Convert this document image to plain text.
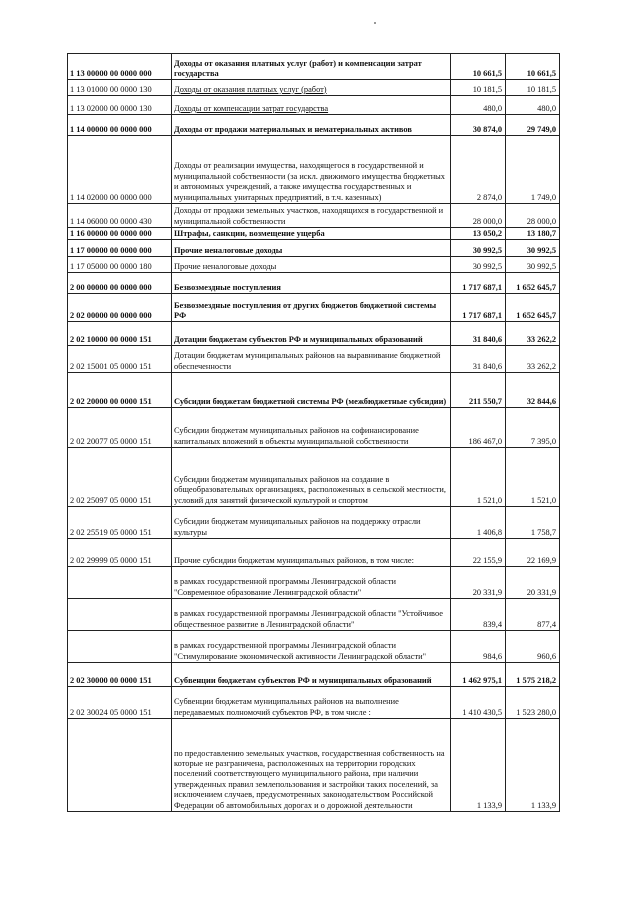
1 13 00000 00 0000 000	Доходы от оказания платных услуг (работ) и компенсации затрат государства	10 661,5	10 661,5
1 13 01000 00 0000 130	Доходы от оказания платных услуг (работ)	10 181,5	10 181,5
1 13 02000 00 0000 130	Доходы от компенсации затрат государства	480,0	480,0
1 14 00000 00 0000 000	Доходы от продажи материальных и нематериальных активов	30 874,0	29 749,0
1 14 02000 00 0000 000	Доходы от реализации имущества, находящегося в государственной и муниципальной собственности (за искл. движимого имущества бюджетных и автономных учреждений, а также имущества государственных и муниципальных унитарных предприятий, в т.ч. казенных)	2 874,0	1 749,0
1 14 06000 00 0000 430	Доходы от продажи земельных участков, находящихся в государственной и муниципальной собственности	28 000,0	28 000,0
1 16 00000 00 0000 000	Штрафы, санкции, возмещение ущерба	13 050,2	13 180,7
1 17 00000 00 0000 000	Прочие неналоговые доходы	30 992,5	30 992,5
1 17 05000 00 0000 180	Прочие неналоговые доходы	30 992,5	30 992,5
2 00 00000 00 0000 000	Безвозмездные поступления	1 717 687,1	1 652 645,7
2 02 00000 00 0000 000	Безвозмездные поступления от других бюджетов бюджетной системы РФ	1 717 687,1	1 652 645,7
2 02 10000 00 0000 151	Дотации бюджетам субъектов РФ и муниципальных образований	31 840,6	33 262,2
2 02 15001 05 0000 151	Дотации бюджетам муниципальных районов на выравнивание бюджетной обеспеченности	31 840,6	33 262,2
2 02 20000 00 0000 151	Субсидии бюджетам бюджетной системы РФ (межбюджетные субсидии)	211 550,7	32 844,6
2 02 20077 05 0000 151	Субсидии бюджетам муниципальных районов на софинансирование капитальных вложений в объекты муниципальной собственности	186 467,0	7 395,0
2 02 25097 05 0000 151	Субсидии бюджетам муниципальных районов на создание в общеобразовательных организациях, расположенных в сельской местности, условий для занятий физической культурой и спортом	1 521,0	1 521,0
2 02 25519 05 0000 151	Субсидии бюджетам муниципальных районов на поддержку отрасли культуры	1 406,8	1 758,7
2 02 29999 05 0000 151	Прочие субсидии бюджетам муниципальных районов, в том числе:	22 155,9	22 169,9
	в рамках государственной программы Ленинградской области "Современное образование Ленинградской области"	20 331,9	20 331,9
	в рамках государственной программы Ленинградской области "Устойчивое общественное развитие в Ленинградской области"	839,4	877,4
	в рамках государственной программы Ленинградской области "Стимулирование экономической активности Ленинградской области"	984,6	960,6
2 02 30000 00 0000 151	Субвенции бюджетам субъектов РФ и муниципальных образований	1 462 975,1	1 575 218,2
2 02 30024 05 0000 151	Субвенции бюджетам муниципальных районов на выполнение передаваемых полномочий субъектов РФ, в том числе :	1 410 430,5	1 523 280,0
	по предоставлению земельных участков, государственная собственность на которые не разграничена, расположенных на территории городских поселений соответствующего муниципального района, при наличии утвержденных правил землепользования и застройки таких поселений, за исключением случаев, предусмотренных законодательством Российской Федерации об автомобильных дорогах и о дорожной деятельности	1 133,9	1 133,9
